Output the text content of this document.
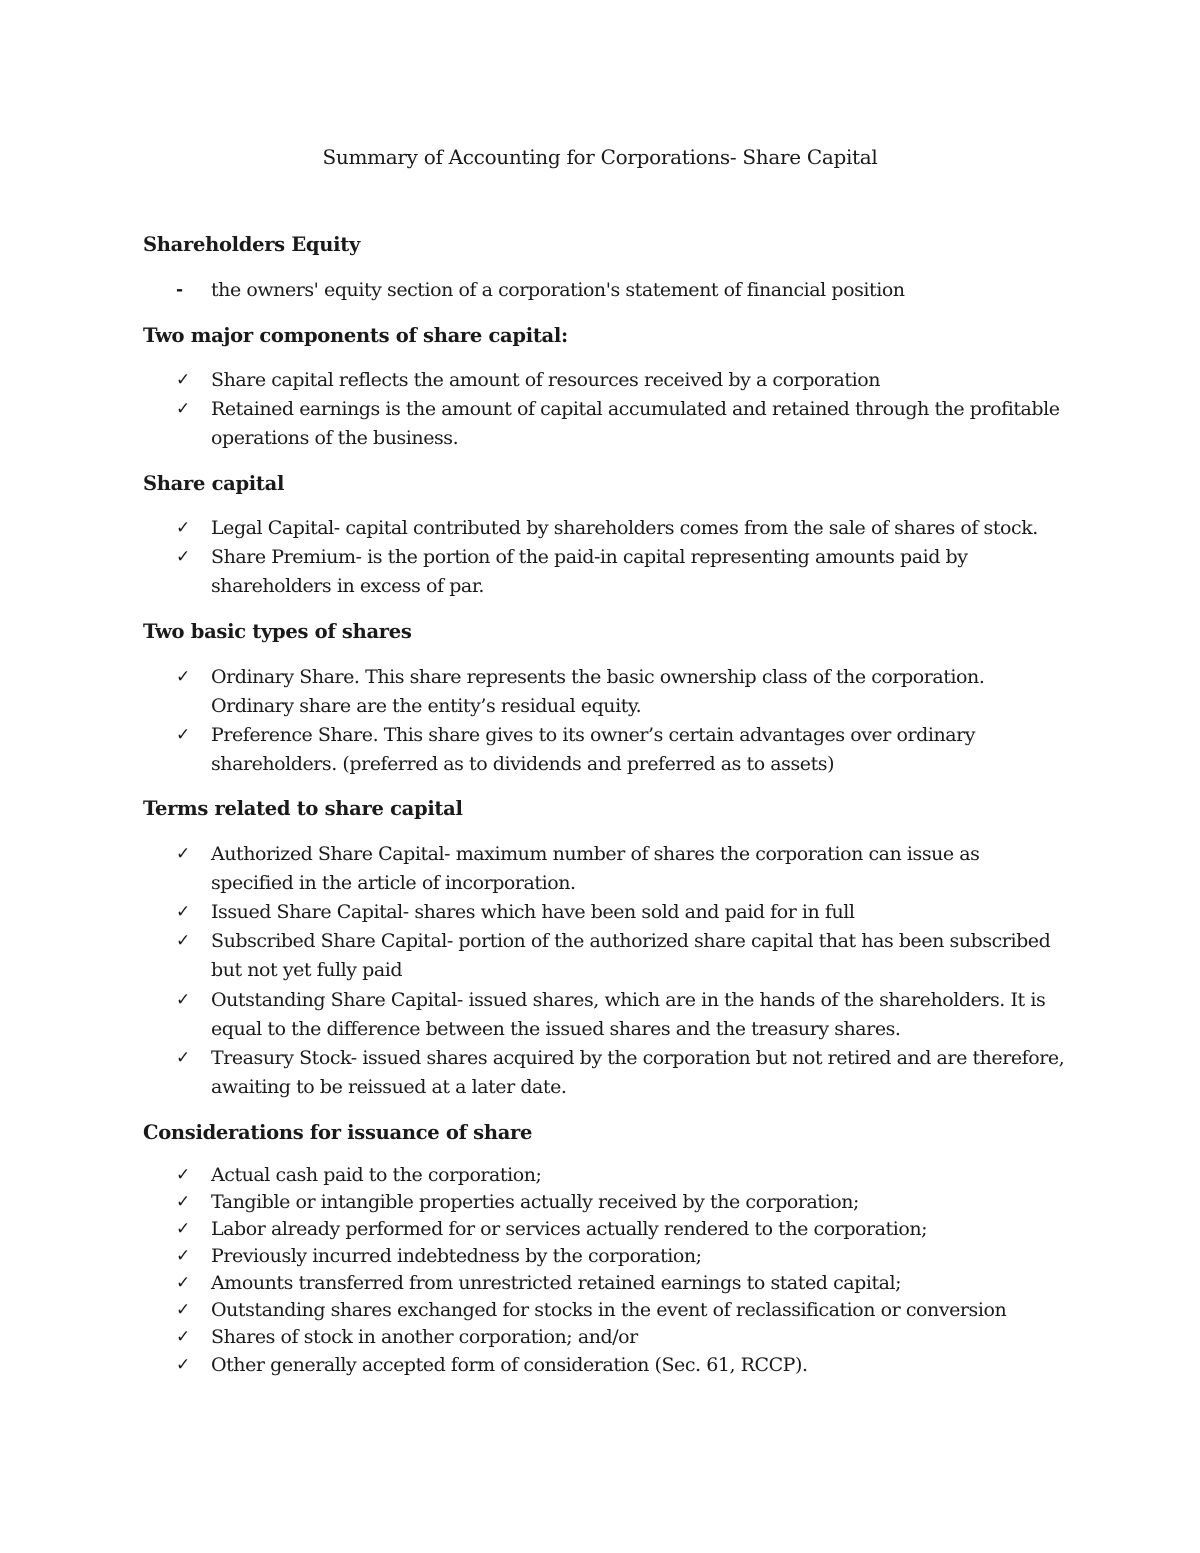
Summary of Accounting for Corporations- Share Capital
Shareholders Equity
-	the owners' equity section of a corporation's statement of financial position
Two major components of share capital:
✓	Share capital reflects the amount of resources received by a corporation
✓	Retained earnings is the amount of capital accumulated and retained through the profitable operations of the business.
Share capital
✓	Legal Capital- capital contributed by shareholders comes from the sale of shares of stock.
✓	Share Premium- is the portion of the paid-in capital representing amounts paid by shareholders in excess of par.
Two basic types of shares
✓	Ordinary Share. This share represents the basic ownership class of the corporation. Ordinary share are the entity’s residual equity.
✓	Preference Share. This share gives to its owner’s certain advantages over ordinary shareholders. (preferred as to dividends and preferred as to assets)
Terms related to share capital
✓	Authorized Share Capital- maximum number of shares the corporation can issue as specified in the article of incorporation.
✓	Issued Share Capital- shares which have been sold and paid for in full
✓	Subscribed Share Capital- portion of the authorized share capital that has been subscribed but not yet fully paid
✓	Outstanding Share Capital- issued shares, which are in the hands of the shareholders. It is equal to the difference between the issued shares and the treasury shares.
✓	Treasury Stock- issued shares acquired by the corporation but not retired and are therefore, awaiting to be reissued at a later date.
Considerations for issuance of share
✓	Actual cash paid to the corporation;
✓	Tangible or intangible properties actually received by the corporation;
✓	Labor already performed for or services actually rendered to the corporation;
✓	Previously incurred indebtedness by the corporation;
✓	Amounts transferred from unrestricted retained earnings to stated capital;
✓	Outstanding shares exchanged for stocks in the event of reclassification or conversion
✓	Shares of stock in another corporation; and/or
✓	Other generally accepted form of consideration (Sec. 61, RCCP).
